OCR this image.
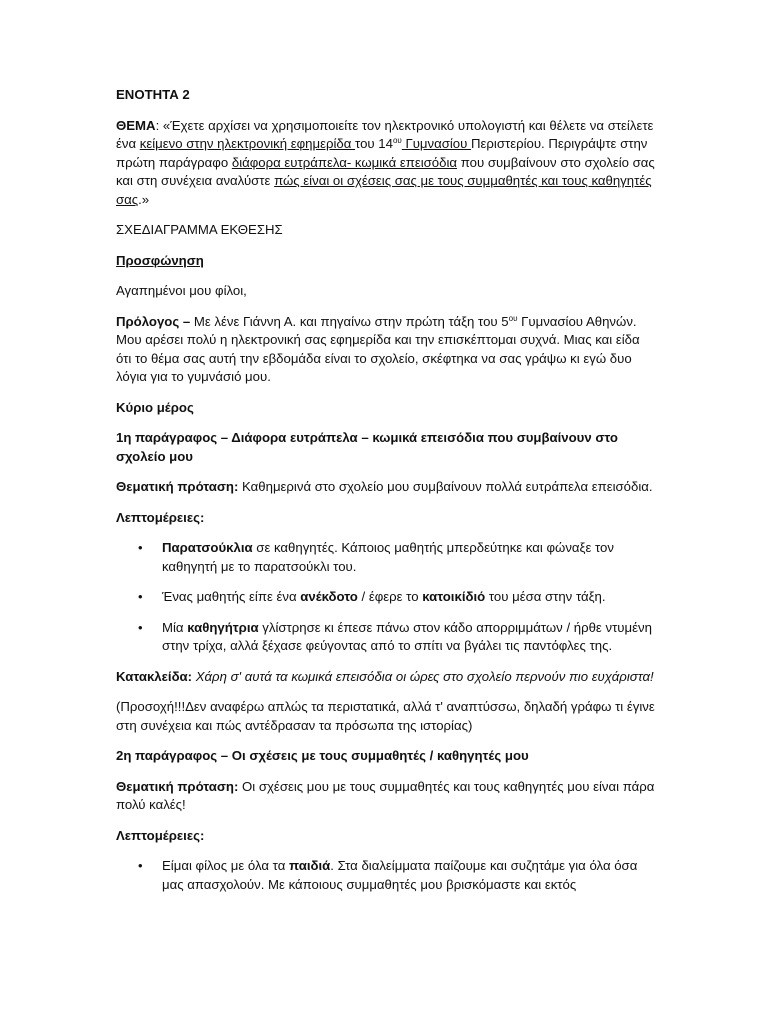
ΕΝΟΤΗΤΑ 2

ΘΕΜΑ: «Έχετε αρχίσει να χρησιμοποιείτε τον ηλεκτρονικό υπολογιστή και θέλετε να στείλετε ένα κείμενο στην ηλεκτρονική εφημερίδα του $14^{o\upsilon}$ Γυμνασίου Περιστερίου. Περιγράψτε στην πρώτη παράγραφο διάφορα ευτράπελα- κωμικά επεισόδια που συμβαίνουν στο σχολείο σας και στη συνέχεια αναλύστε πώς είναι οι σχέσεις σας με τους συμμαθητές και τους καθηγητές σας.»

ΣΧΕΔΙΑΓΡΑΜΜΑ ΕΚΘΕΣΗΣ

Προσφώνηση

Αγαπημένοι μου φίλοι,

Πρόλογος – Με λένε Γιάννη Α. και πηγαίνω στην πρώτη τάξη του $5^{o\upsilon}$ Γυμνασίου Αθηνών. Μου αρέσει πολύ η ηλεκτρονική σας εφημερίδα και την επισκέπτομαι συχνά. Μιας και είδα ότι το θέμα σας αυτή την εβδομάδα είναι το σχολείο, σκέφτηκα να σας γράψω κι εγώ δυο λόγια για το γυμνάσιό μου.

Κύριο μέρος

1η παράγραφος – Διάφορα ευτράπελα – κωμικά επεισόδια που συμβαίνουν στο σχολείο μου

Θεματική πρόταση: Καθημερινά στο σχολείο μου συμβαίνουν πολλά ευτράπελα επεισόδια.

Λεπτομέρειες:

• Παρατσούκλια σε καθηγητές. Κάποιος μαθητής μπερδεύτηκε και φώναξε τον καθηγητή με το παρατσούκλι του.
• Ένας μαθητής είπε ένα ανέκδοτο / έφερε το κατοικίδιό του μέσα στην τάξη.
• Μία καθηγήτρια γλίστρησε κι έπεσε πάνω στον κάδο απορριμμάτων / ήρθε ντυμένη στην τρίχα, αλλά ξέχασε φεύγοντας από το σπίτι να βγάλει τις παντόφλες της.

Κατακλείδα: Χάρη σ' αυτά τα κωμικά επεισόδια οι ώρες στο σχολείο περνούν πιο ευχάριστα!

(Προσοχή!!!Δεν αναφέρω απλώς τα περιστατικά, αλλά τ' αναπτύσσω, δηλαδή γράφω τι έγινε στη συνέχεια και πώς αντέδρασαν τα πρόσωπα της ιστορίας)

2η παράγραφος – Οι σχέσεις με τους συμμαθητές / καθηγητές μου

Θεματική πρόταση: Οι σχέσεις μου με τους συμμαθητές και τους καθηγητές μου είναι πάρα πολύ καλές!

Λεπτομέρειες:

• Είμαι φίλος με όλα τα παιδιά. Στα διαλείμματα παίζουμε και συζητάμε για όλα όσα μας απασχολούν. Με κάποιους συμμαθητές μου βρισκόμαστε και εκτός
